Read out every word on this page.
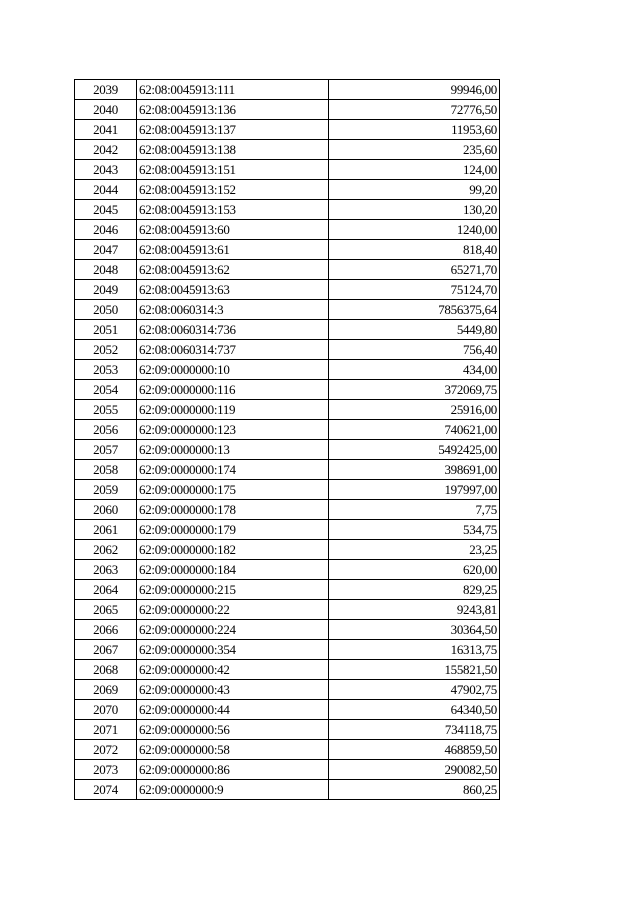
2039	62:08:0045913:111	99946,00
2040	62:08:0045913:136	72776,50
2041	62:08:0045913:137	11953,60
2042	62:08:0045913:138	235,60
2043	62:08:0045913:151	124,00
2044	62:08:0045913:152	99,20
2045	62:08:0045913:153	130,20
2046	62:08:0045913:60	1240,00
2047	62:08:0045913:61	818,40
2048	62:08:0045913:62	65271,70
2049	62:08:0045913:63	75124,70
2050	62:08:0060314:3	7856375,64
2051	62:08:0060314:736	5449,80
2052	62:08:0060314:737	756,40
2053	62:09:0000000:10	434,00
2054	62:09:0000000:116	372069,75
2055	62:09:0000000:119	25916,00
2056	62:09:0000000:123	740621,00
2057	62:09:0000000:13	5492425,00
2058	62:09:0000000:174	398691,00
2059	62:09:0000000:175	197997,00
2060	62:09:0000000:178	7,75
2061	62:09:0000000:179	534,75
2062	62:09:0000000:182	23,25
2063	62:09:0000000:184	620,00
2064	62:09:0000000:215	829,25
2065	62:09:0000000:22	9243,81
2066	62:09:0000000:224	30364,50
2067	62:09:0000000:354	16313,75
2068	62:09:0000000:42	155821,50
2069	62:09:0000000:43	47902,75
2070	62:09:0000000:44	64340,50
2071	62:09:0000000:56	734118,75
2072	62:09:0000000:58	468859,50
2073	62:09:0000000:86	290082,50
2074	62:09:0000000:9	860,25
